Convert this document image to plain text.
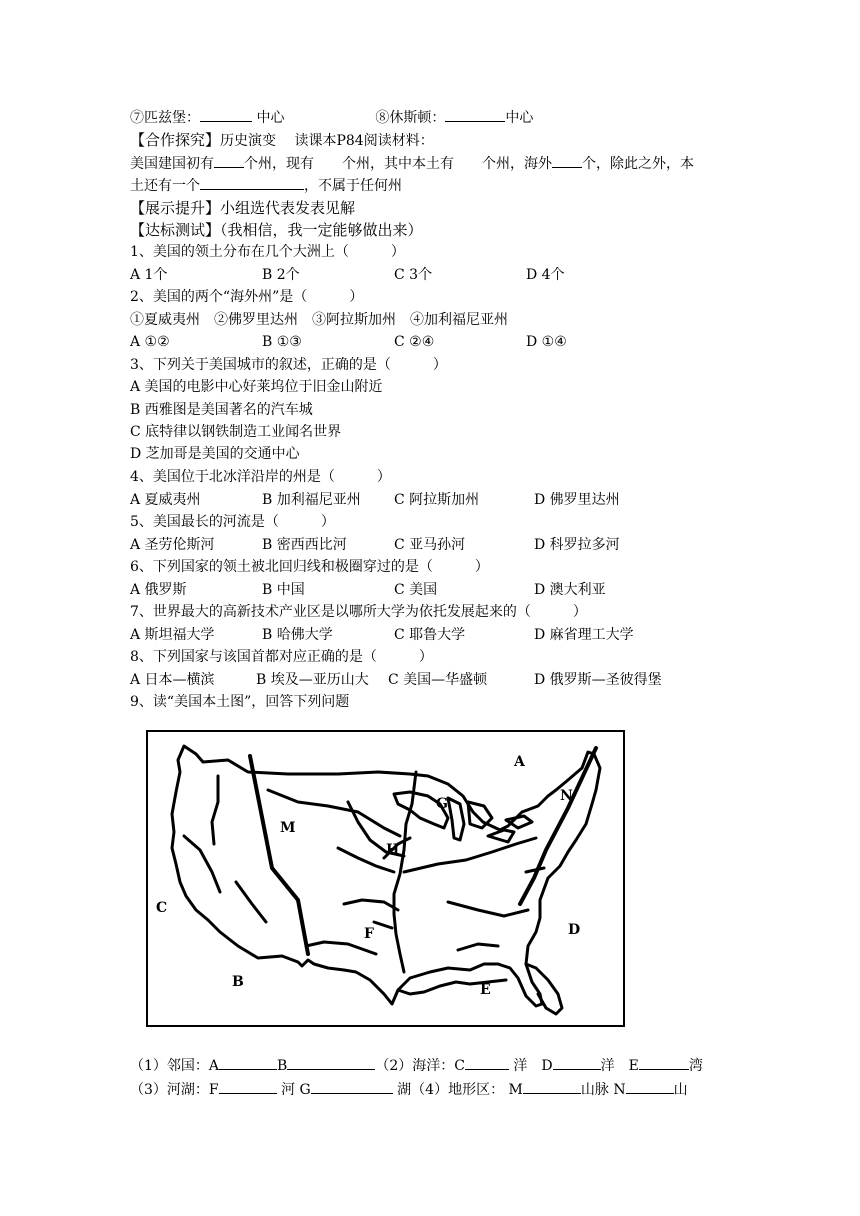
⑦匹兹堡：	中心	⑧休斯顿：	中心
【合作探究】历史演变　 读课本P84阅读材料：
美国建国初有 个州，现有 个州，其中本土有 个州，海外 个，除此之外，本
土还有一个	，不属于任何州
【展示提升】小组选代表发表见解
【达标测试】（我相信，我一定能够做出来）
1、美国的领土分布在几个大洲上（　　　）
A 1个	B 2个	C 3个	D 4个
2、美国的两个“海外州”是（　　　）
①夏威夷州　②佛罗里达州　③阿拉斯加州　④加利福尼亚州
A ①②	B ①③	C ②④	D ①④
3、下列关于美国城市的叙述，正确的是（　　　）
A 美国的电影中心好莱坞位于旧金山附近
B 西雅图是美国著名的汽车城
C 底特律以钢铁制造工业闻名世界
D 芝加哥是美国的交通中心
4、美国位于北冰洋沿岸的州是（　　　）
A 夏威夷州	B 加利福尼亚州 C 阿拉斯加州	D 佛罗里达州
5、美国最长的河流是（　　　）
A 圣劳伦斯河	B 密西西比河	C 亚马孙河	D 科罗拉多河
6、下列国家的领土被北回归线和极圈穿过的是（　　　）
A 俄罗斯	B 中国	C 美国	D 澳大利亚
7、世界最大的高新技术产业区是以哪所大学为依托发展起来的（　　　）
A 斯坦福大学	B 哈佛大学	C 耶鲁大学	D 麻省理工大学
8、下列国家与该国首都对应正确的是（　　　）
A 日本—横滨	B 埃及—亚历山大 C 美国—华盛顿	D 俄罗斯—圣彼得堡
9、读“美国本土图”，回答下列问题
A
N
G
M
H
C
F	D
B	E
（1）邻国：A	B	（2）海洋：C	洋　D	洋　E	湾
（3）河湖：F	河 G	湖（4）地形区： M	山脉 N	山
